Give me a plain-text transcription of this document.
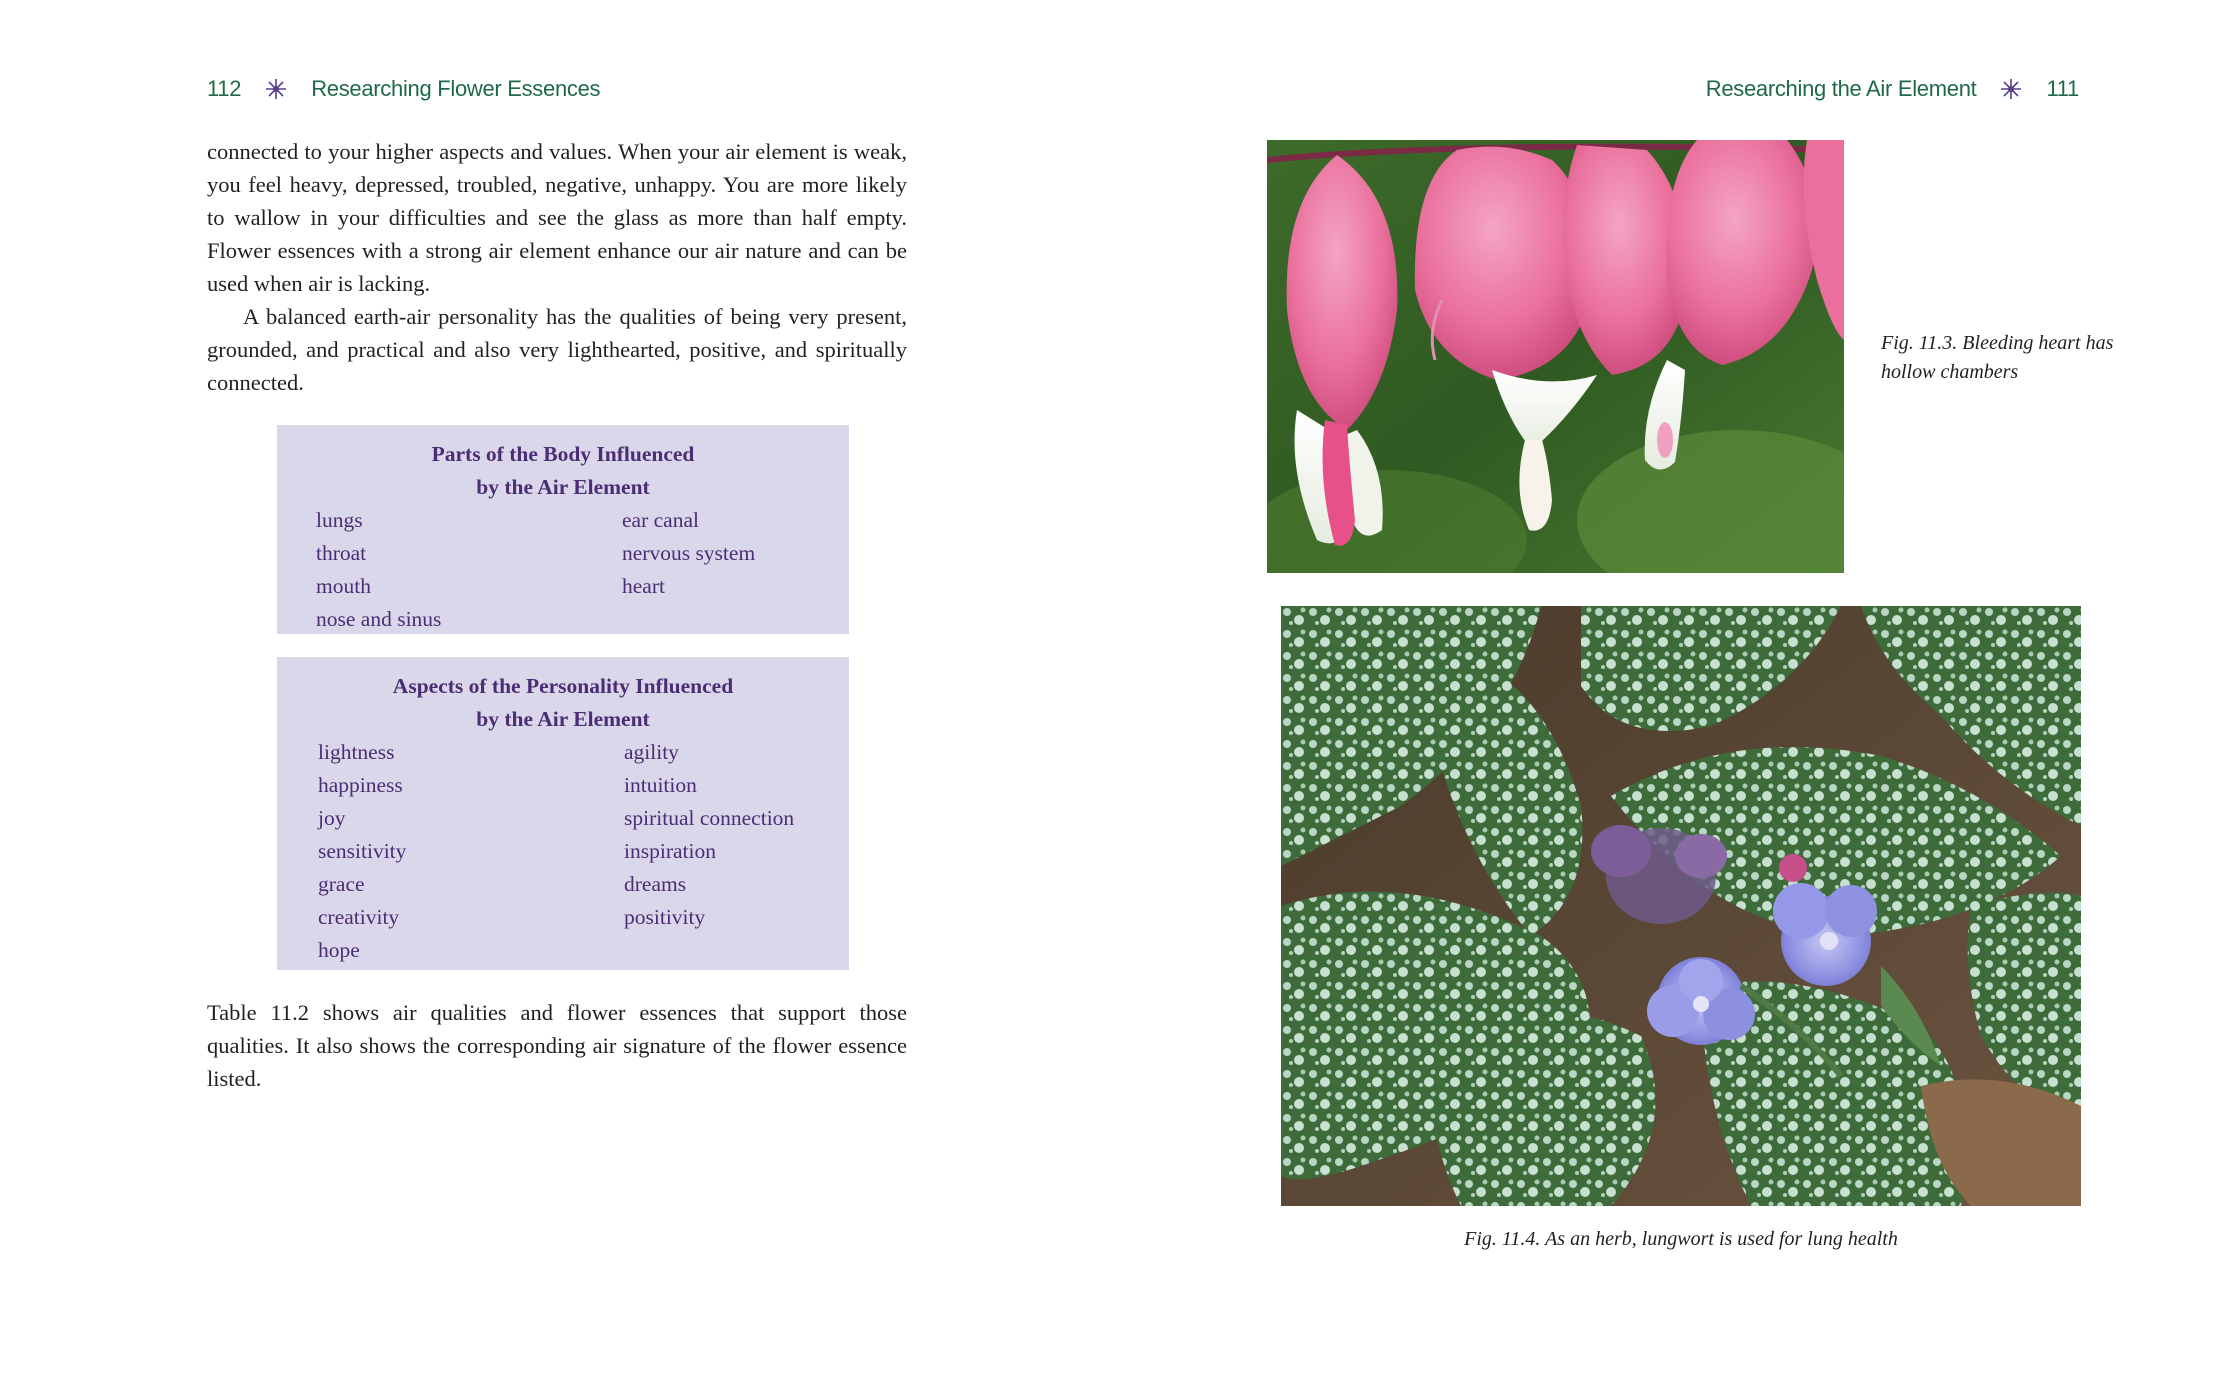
112	Researching Flower Essences

connected to your higher aspects and values. When your air element is weak, you feel heavy, depressed, troubled, negative, unhappy. You are more likely to wallow in your difficulties and see the glass as more than half empty. Flower essences with a strong air element enhance our air nature and can be used when air is lacking.

A balanced earth-air personality has the qualities of being very present, grounded, and practical and also very lighthearted, positive, and spiritually connected.

Parts of the Body Influenced
by the Air Element
lungs
throat
mouth
nose and sinus
ear canal
nervous system
heart
Aspects of the Personality Influenced
by the Air Element
lightness
happiness
joy
sensitivity
grace
creativity
hope
agility
intuition
spiritual connection
inspiration
dreams
positivity

Table 11.2 shows air qualities and flower essences that support those qualities. It also shows the corresponding air signature of the flower essence listed.

Researching the Air Element	111
Fig. 11.3. Bleeding heart has hollow chambers
Fig. 11.4. As an herb, lungwort is used for lung health
